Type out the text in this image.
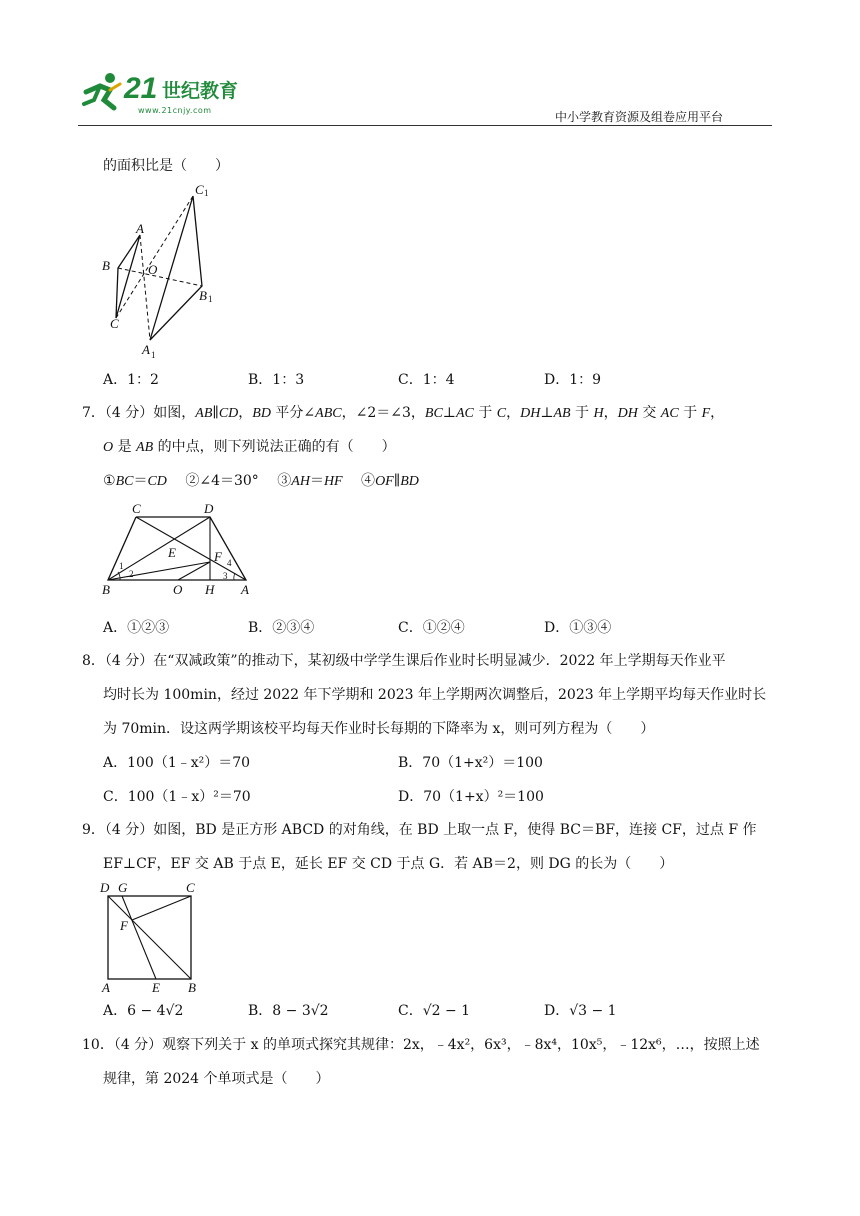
21 世纪教育
www.21cnjy.com	中小学教育资源及组卷应用平台
的面积比是（　　）
C 1
A
B	O
B 1
C
A 1
A．1：2	B．1：3	C．1：4	D．1：9
7．（4 分）如图，AB∥CD，BD 平分∠ABC，∠2＝∠3，BC⊥AC 于 C，DH⊥AB 于 H，DH 交 AC 于 F，
O 是 AB 的中点，则下列说法正确的有（　　）
①BC＝CD　 ②∠4＝30°　 ③AH＝HF　 ④OF∥BD
C	D
E	F
B	O H A
1
2	3
4
A．①②③	B．②③④	C．①②④	D．①③④
8．（4 分）在“双减政策”的推动下，某初级中学学生课后作业时长明显减少．2022 年上学期每天作业平
均时长为 100min，经过 2022 年下学期和 2023 年上学期两次调整后，2023 年上学期平均每天作业时长
为 70min．设这两学期该校平均每天作业时长每期的下降率为 x，则可列方程为（　　）
A．100（1﹣x²）＝70	B．70（1+x²）＝100
C．100（1﹣x）²＝70	D．70（1+x）²＝100
9．（4 分）如图，BD 是正方形 ABCD 的对角线，在 BD 上取一点 F，使得 BC＝BF，连接 CF，过点 F 作
EF⊥CF，EF 交 AB 于点 E，延长 EF 交 CD 于点 G．若 AB＝2，则 DG 的长为（　　）
D G	C
F
A	E B
A．6 − 4√2	B．8 − 3√2	C．√2 − 1	D．√3 − 1
10．（4 分）观察下列关于 x 的单项式探究其规律：2x，﹣4x²，6x³，﹣8x⁴，10x⁵，﹣12x⁶，…，按照上述
规律，第 2024 个单项式是（　　）
